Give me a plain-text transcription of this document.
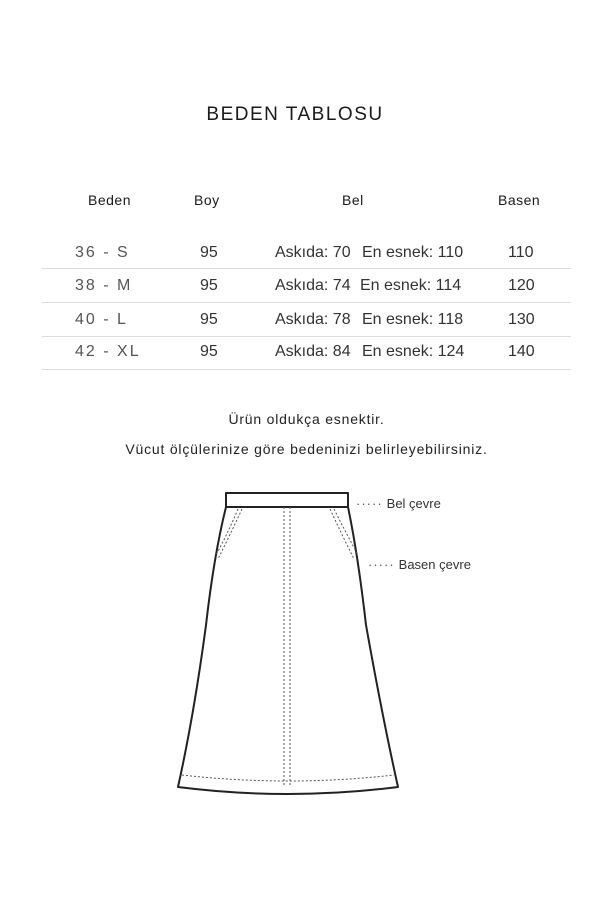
BEDEN TABLOSU
Beden	Boy	Bel	Basen
36 - S	95	Askıda: 70 En esnek: 110	110
38 - M	95	Askıda: 74 En esnek: 114	120
40 - L	95	Askıda: 78 En esnek: 118	130
42 - XL	95	Askıda: 84 En esnek: 124	140
Ürün oldukça esnektir.
Vücut ölçülerinize göre bedeninizi belirleyebilirsiniz.
····· Bel çevre
····· Basen çevre
